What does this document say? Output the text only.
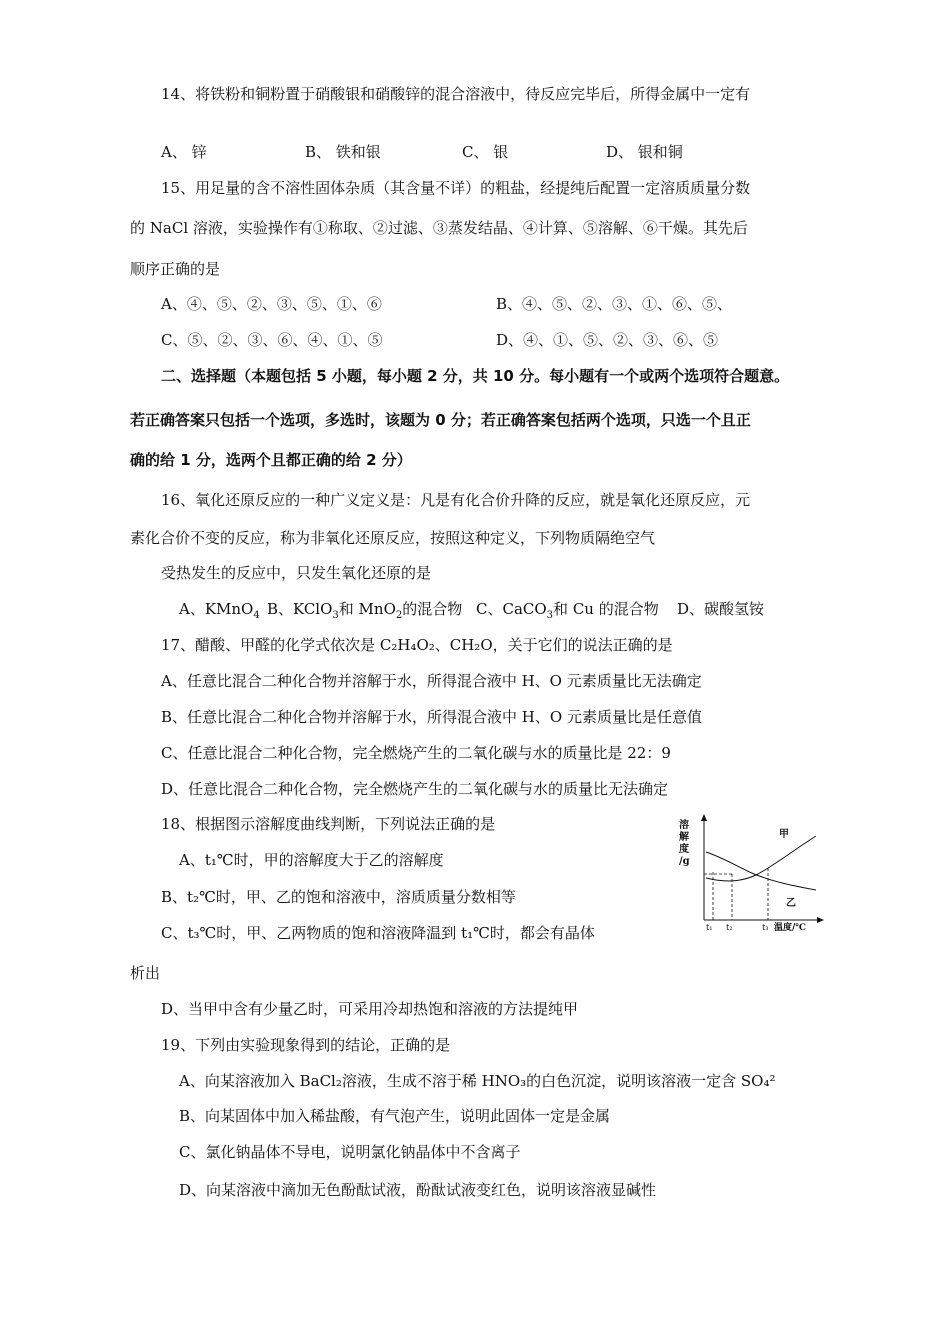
14、将铁粉和铜粉置于硝酸银和硝酸锌的混合溶液中，待反应完毕后，所得金属中一定有
A、 锌	B、 铁和银	C、 银	D、 银和铜
15、用足量的含不溶性固体杂质（其含量不详）的粗盐，经提纯后配置一定溶质质量分数
的 NaCl 溶液，实验操作有①称取、②过滤、③蒸发结晶、④计算、⑤溶解、⑥干燥。其先后
顺序正确的是
A、④、⑤、②、③、⑤、①、⑥	B、④、⑤、②、③、①、⑥、⑤、
C、⑤、②、③、⑥、④、①、⑤	D、④、①、⑤、②、③、⑥、⑤
二、选择题（本题包括 5 小题，每小题 2 分，共 10 分。每小题有一个或两个选项符合题意。
若正确答案只包括一个选项，多选时，该题为 0 分；若正确答案包括两个选项，只选一个且正
确的给 1 分，选两个且都正确的给 2 分）
16、氧化还原反应的一种广义定义是：凡是有化合价升降的反应，就是氧化还原反应，元
素化合价不变的反应，称为非氧化还原反应，按照这种定义，下列物质隔绝空气
受热发生的反应中，只发生氧化还原的是
A、KMnO$_4$ B、KClO$_3$和 MnO$_2$的混合物 C、CaCO$_3$和 Cu 的混合物 D、碳酸氢铵
17、醋酸、甲醛的化学式依次是 C₂H₄O₂、CH₂O，关于它们的说法正确的是
A、任意比混合二种化合物并溶解于水，所得混合液中 H、O 元素质量比无法确定
B、任意比混合二种化合物并溶解于水，所得混合液中 H、O 元素质量比是任意值
C、任意比混合二种化合物，完全燃烧产生的二氧化碳与水的质量比是 22：9
D、任意比混合二种化合物，完全燃烧产生的二氧化碳与水的质量比无法确定
18、根据图示溶解度曲线判断，下列说法正确的是
A、t₁℃时，甲的溶解度大于乙的溶解度
B、t₂℃时，甲、乙的饱和溶液中，溶质质量分数相等
C、t₃℃时，甲、乙两物质的饱和溶液降温到 t₁℃时，都会有晶体
析出
D、当甲中含有少量乙时，可采用冷却热饱和溶液的方法提纯甲
溶
解
度
/g
甲
乙
t₁ t₂	t₃ 温度/℃
19、下列由实验现象得到的结论，正确的是
A、向某溶液加入 BaCl₂溶液，生成不溶于稀 HNO₃的白色沉淀，说明该溶液一定含 SO₄²
B、向某固体中加入稀盐酸，有气泡产生，说明此固体一定是金属
C、氯化钠晶体不导电，说明氯化钠晶体中不含离子
D、向某溶液中滴加无色酚酞试液，酚酞试液变红色，说明该溶液显碱性
